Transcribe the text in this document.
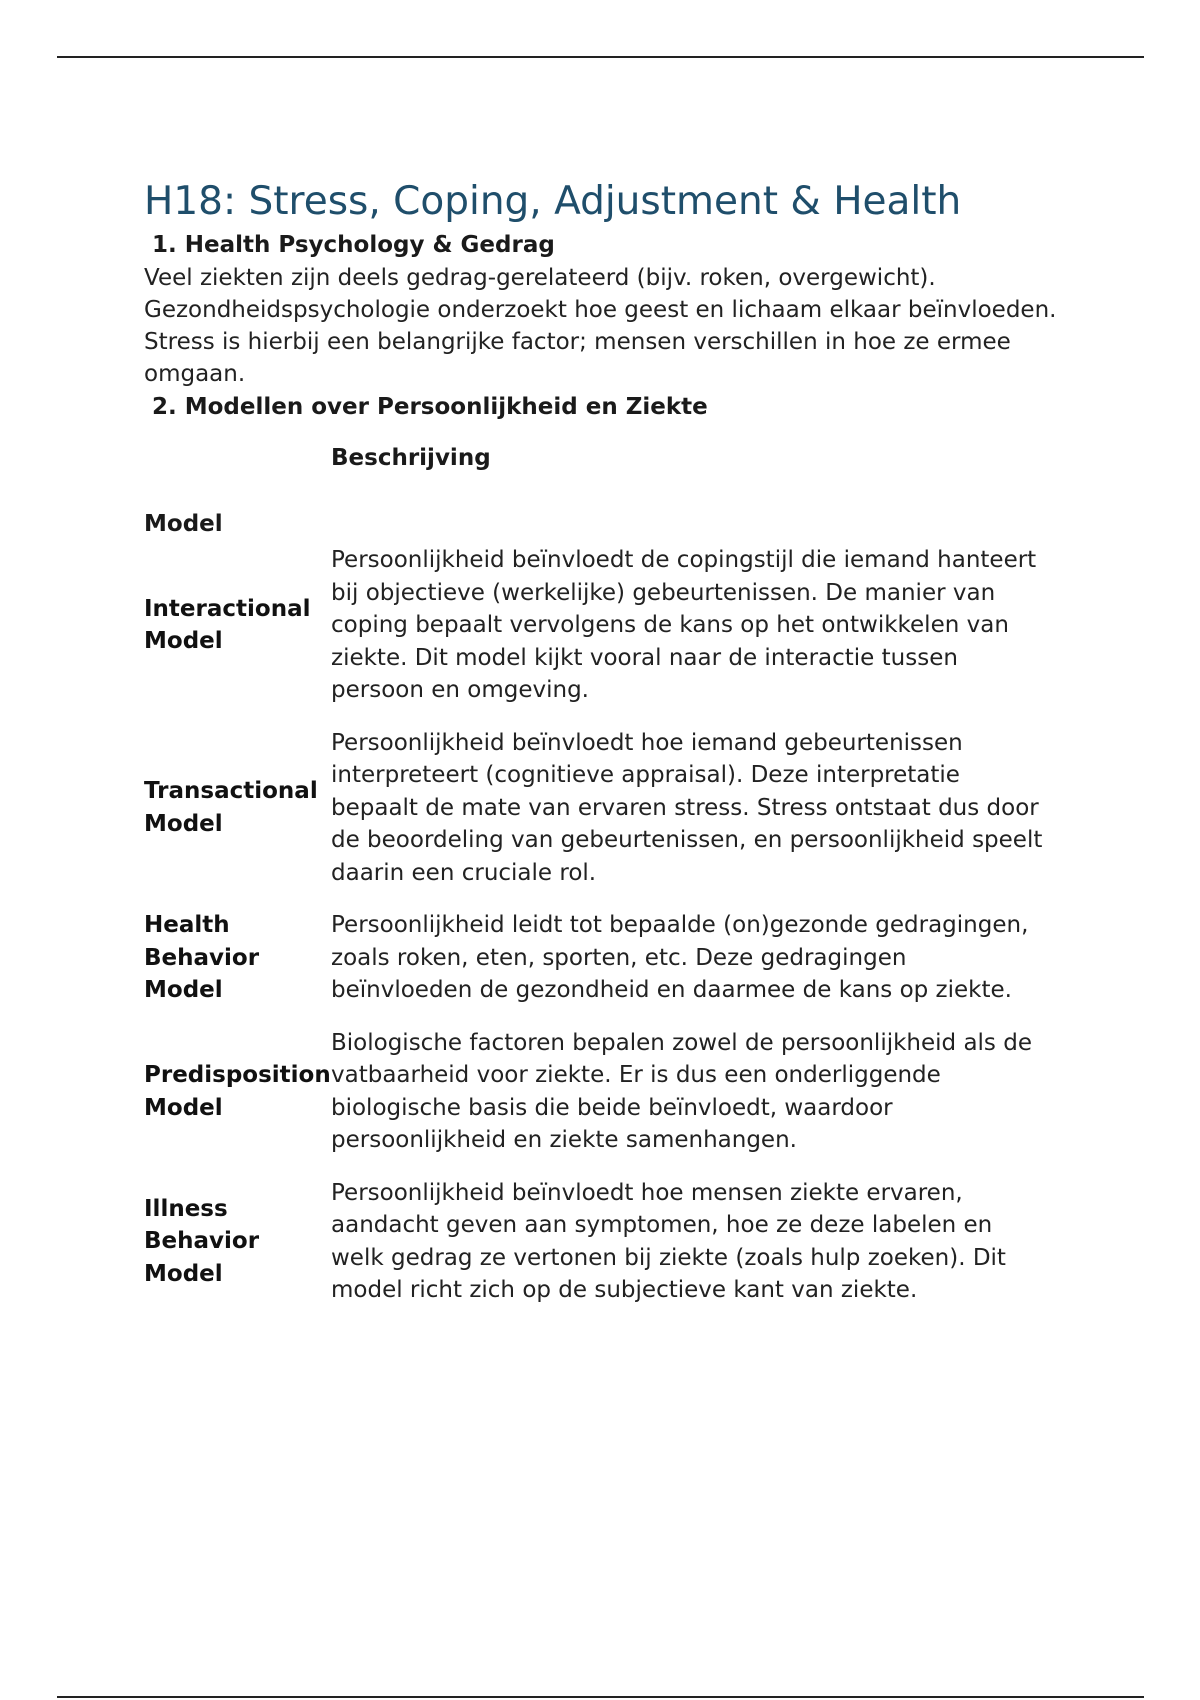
H18: Stress, Coping, Adjustment & Health
1. Health Psychology & Gedrag

Veel ziekten zijn deels gedrag-gerelateerd (bijv. roken, overgewicht).

Gezondheidspsychologie onderzoekt hoe geest en lichaam elkaar beïnvloeden.

Stress is hierbij een belangrijke factor; mensen verschillen in hoe ze ermee omgaan.

2. Modellen over Persoonlijkheid en Ziekte
Model	Beschrijving
Interactional Model	Persoonlijkheid beïnvloedt de copingstijl die iemand hanteert bij objectieve (werkelijke) gebeurtenissen. De manier van coping bepaalt vervolgens de kans op het ontwikkelen van ziekte. Dit model kijkt vooral naar de interactie tussen persoon en omgeving.
Transactional Model	Persoonlijkheid beïnvloedt hoe iemand gebeurtenissen interpreteert (cognitieve appraisal). Deze interpretatie bepaalt de mate van ervaren stress. Stress ontstaat dus door de beoordeling van gebeurtenissen, en persoonlijkheid speelt daarin een cruciale rol.
Health Behavior Model	Persoonlijkheid leidt tot bepaalde (on)gezonde gedragingen, zoals roken, eten, sporten, etc. Deze gedragingen beïnvloeden de gezondheid en daarmee de kans op ziekte.
Predisposition Model	Biologische factoren bepalen zowel de persoonlijkheid als de vatbaarheid voor ziekte. Er is dus een onderliggende biologische basis die beide beïnvloedt, waardoor persoonlijkheid en ziekte samenhangen.
Illness Behavior Model	Persoonlijkheid beïnvloedt hoe mensen ziekte ervaren, aandacht geven aan symptomen, hoe ze deze labelen en welk gedrag ze vertonen bij ziekte (zoals hulp zoeken). Dit model richt zich op de subjectieve kant van ziekte.
